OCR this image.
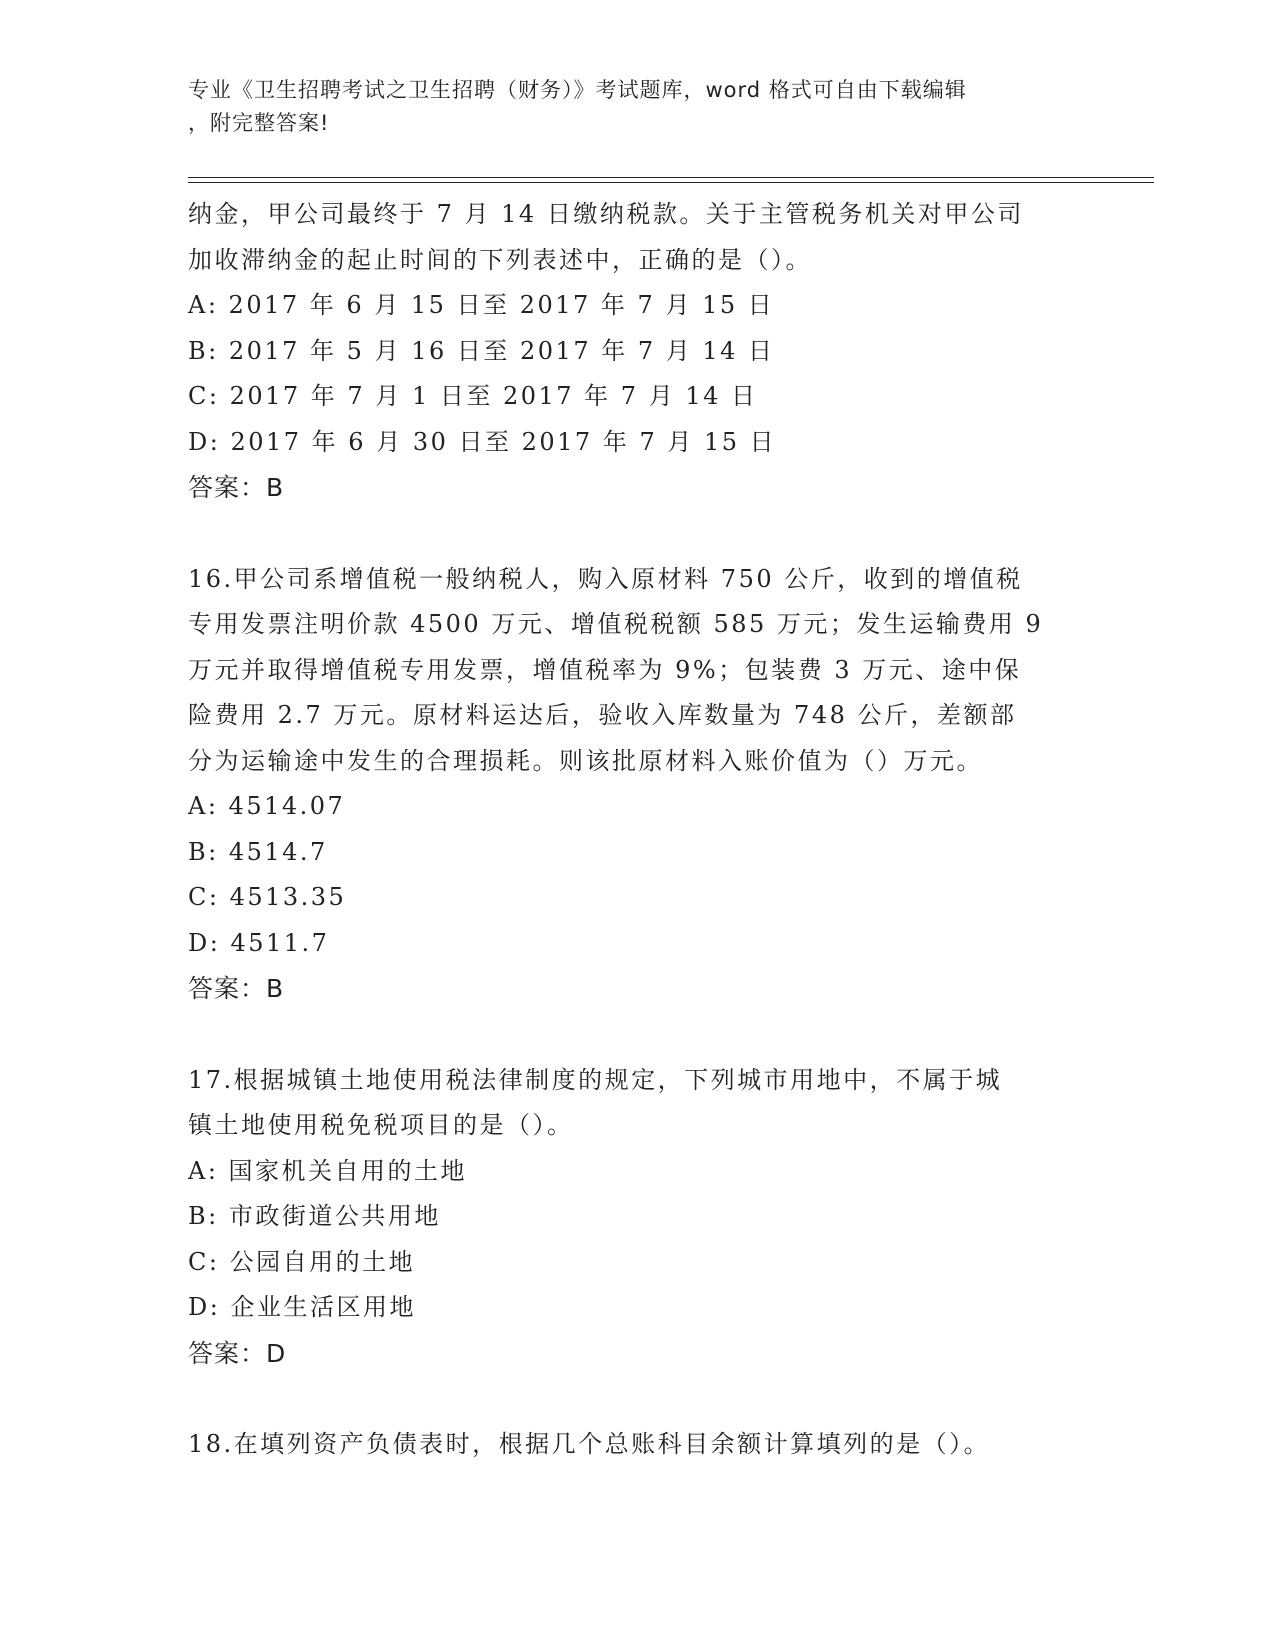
专业《卫生招聘考试之卫生招聘（财务）》考试题库，word 格式可自由下载编辑
，附完整答案!
纳金，甲公司最终于 7 月 14 日缴纳税款。关于主管税务机关对甲公司
加收滞纳金的起止时间的下列表述中，正确的是（）。
A: 2017 年 6 月 15 日至 2017 年 7 月 15 日
B: 2017 年 5 月 16 日至 2017 年 7 月 14 日
C: 2017 年 7 月 1 日至 2017 年 7 月 14 日
D: 2017 年 6 月 30 日至 2017 年 7 月 15 日
答案：B
16.甲公司系增值税一般纳税人，购入原材料 750 公斤，收到的增值税
专用发票注明价款 4500 万元、增值税税额 585 万元；发生运输费用 9
万元并取得增值税专用发票，增值税率为 9%；包装费 3 万元、途中保
险费用 2.7 万元。原材料运达后，验收入库数量为 748 公斤，差额部
分为运输途中发生的合理损耗。则该批原材料入账价值为（）万元。
A: 4514.07
B: 4514.7
C: 4513.35
D: 4511.7
答案：B
17.根据城镇土地使用税法律制度的规定，下列城市用地中，不属于城
镇土地使用税免税项目的是（）。
A: 国家机关自用的土地
B: 市政街道公共用地
C: 公园自用的土地
D: 企业生活区用地
答案：D
18.在填列资产负债表时，根据几个总账科目余额计算填列的是（）。
